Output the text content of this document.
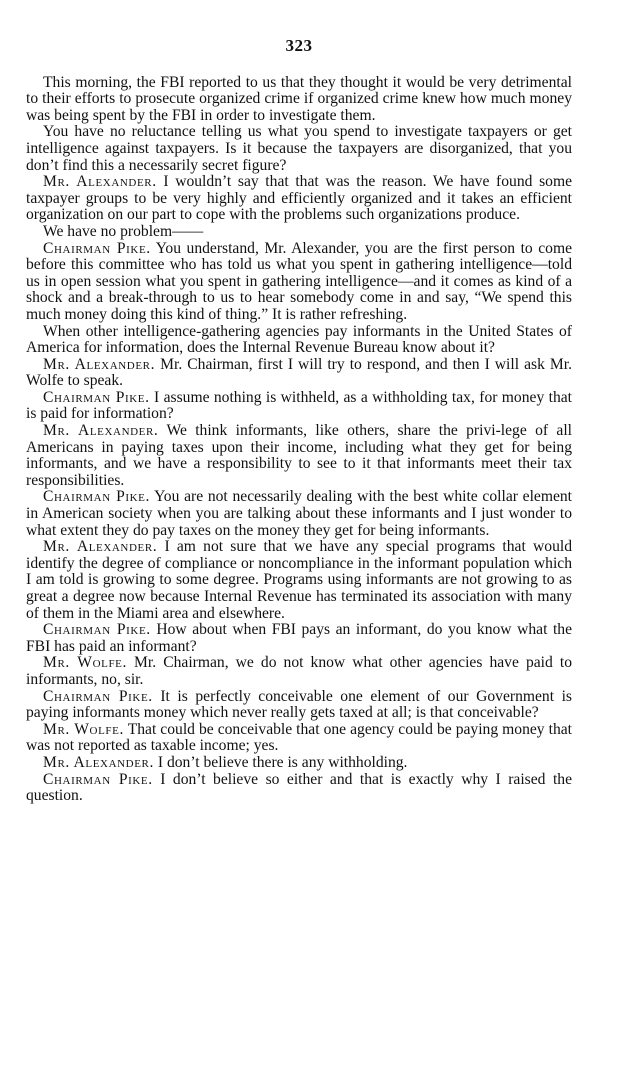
323

This morning, the FBI reported to us that they thought it would be very detrimental to their efforts to prosecute organized crime if organized crime knew how much money was being spent by the FBI in order to investigate them.

You have no reluctance telling us what you spend to investigate taxpayers or get intelligence against taxpayers. Is it because the taxpayers are disorganized, that you don’t find this a necessarily secret figure?

Mr. Alexander. I wouldn’t say that that was the reason. We have found some taxpayer groups to be very highly and efficiently organized and it takes an efficient organization on our part to cope with the problems such organizations produce.

We have no problem——

Chairman Pike. You understand, Mr. Alexander, you are the first person to come before this committee who has told us what you spent in gathering intelligence—told us in open session what you spent in gathering intelligence—and it comes as kind of a shock and a break-through to us to hear somebody come in and say, “We spend this much money doing this kind of thing.” It is rather refreshing.

When other intelligence-gathering agencies pay informants in the United States of America for information, does the Internal Revenue Bureau know about it?

Mr. Alexander. Mr. Chairman, first I will try to respond, and then I will ask Mr. Wolfe to speak.

Chairman Pike. I assume nothing is withheld, as a withholding tax, for money that is paid for information?

Mr. Alexander. We think informants, like others, share the privi-lege of all Americans in paying taxes upon their income, including what they get for being informants, and we have a responsibility to see to it that informants meet their tax responsibilities.

Chairman Pike. You are not necessarily dealing with the best white collar element in American society when you are talking about these informants and I just wonder to what extent they do pay taxes on the money they get for being informants.

Mr. Alexander. I am not sure that we have any special programs that would identify the degree of compliance or noncompliance in the informant population which I am told is growing to some degree. Programs using informants are not growing to as great a degree now because Internal Revenue has terminated its association with many of them in the Miami area and elsewhere.

Chairman Pike. How about when FBI pays an informant, do you know what the FBI has paid an informant?

Mr. Wolfe. Mr. Chairman, we do not know what other agencies have paid to informants, no, sir.

Chairman Pike. It is perfectly conceivable one element of our Government is paying informants money which never really gets taxed at all; is that conceivable?

Mr. Wolfe. That could be conceivable that one agency could be paying money that was not reported as taxable income; yes.

Mr. Alexander. I don’t believe there is any withholding.

Chairman Pike. I don’t believe so either and that is exactly why I raised the question.
